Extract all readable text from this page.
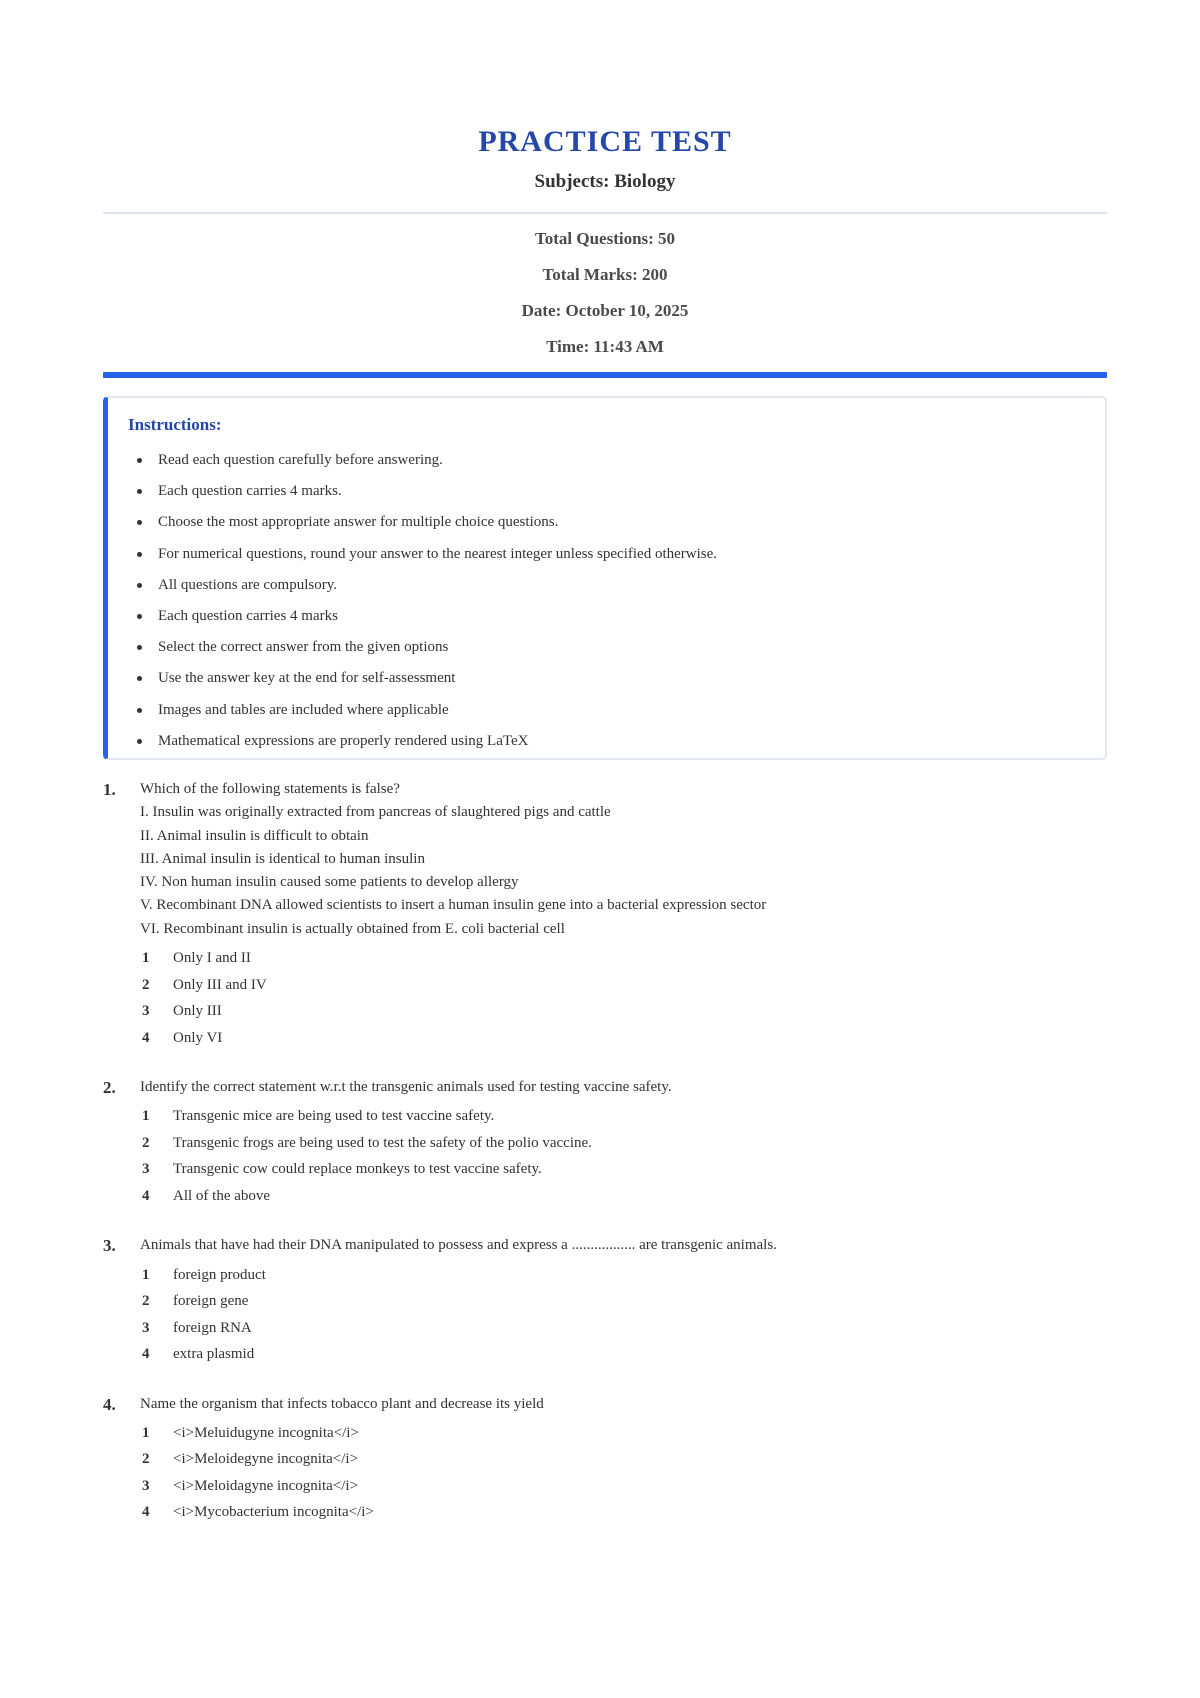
PRACTICE TEST
Subjects: Biology
Total Questions: 50
Total Marks: 200
Date: October 10, 2025
Time: 11:43 AM
Instructions:
Read each question carefully before answering.
Each question carries 4 marks.
Choose the most appropriate answer for multiple choice questions.
For numerical questions, round your answer to the nearest integer unless specified otherwise.
All questions are compulsory.
Each question carries 4 marks
Select the correct answer from the given options
Use the answer key at the end for self-assessment
Images and tables are included where applicable
Mathematical expressions are properly rendered using LaTeX
1. Which of the following statements is false?
I. Insulin was originally extracted from pancreas of slaughtered pigs and cattle
II. Animal insulin is difficult to obtain
III. Animal insulin is identical to human insulin
IV. Non human insulin caused some patients to develop allergy
V. Recombinant DNA allowed scientists to insert a human insulin gene into a bacterial expression sector
VI. Recombinant insulin is actually obtained from E. coli bacterial cell
1 Only I and II
2 Only III and IV
3 Only III
4 Only VI
2. Identify the correct statement w.r.t the transgenic animals used for testing vaccine safety.
1 Transgenic mice are being used to test vaccine safety.
2 Transgenic frogs are being used to test the safety of the polio vaccine.
3 Transgenic cow could replace monkeys to test vaccine safety.
4 All of the above
3. Animals that have had their DNA manipulated to possess and express a ................. are transgenic animals.
1 foreign product
2 foreign gene
3 foreign RNA
4 extra plasmid
4. Name the organism that infects tobacco plant and decrease its yield
1 <i>Meluidugyne incognita</i>
2 <i>Meloidegyne incognita</i>
3 <i>Meloidagyne incognita</i>
4 <i>Mycobacterium incognita</i>
